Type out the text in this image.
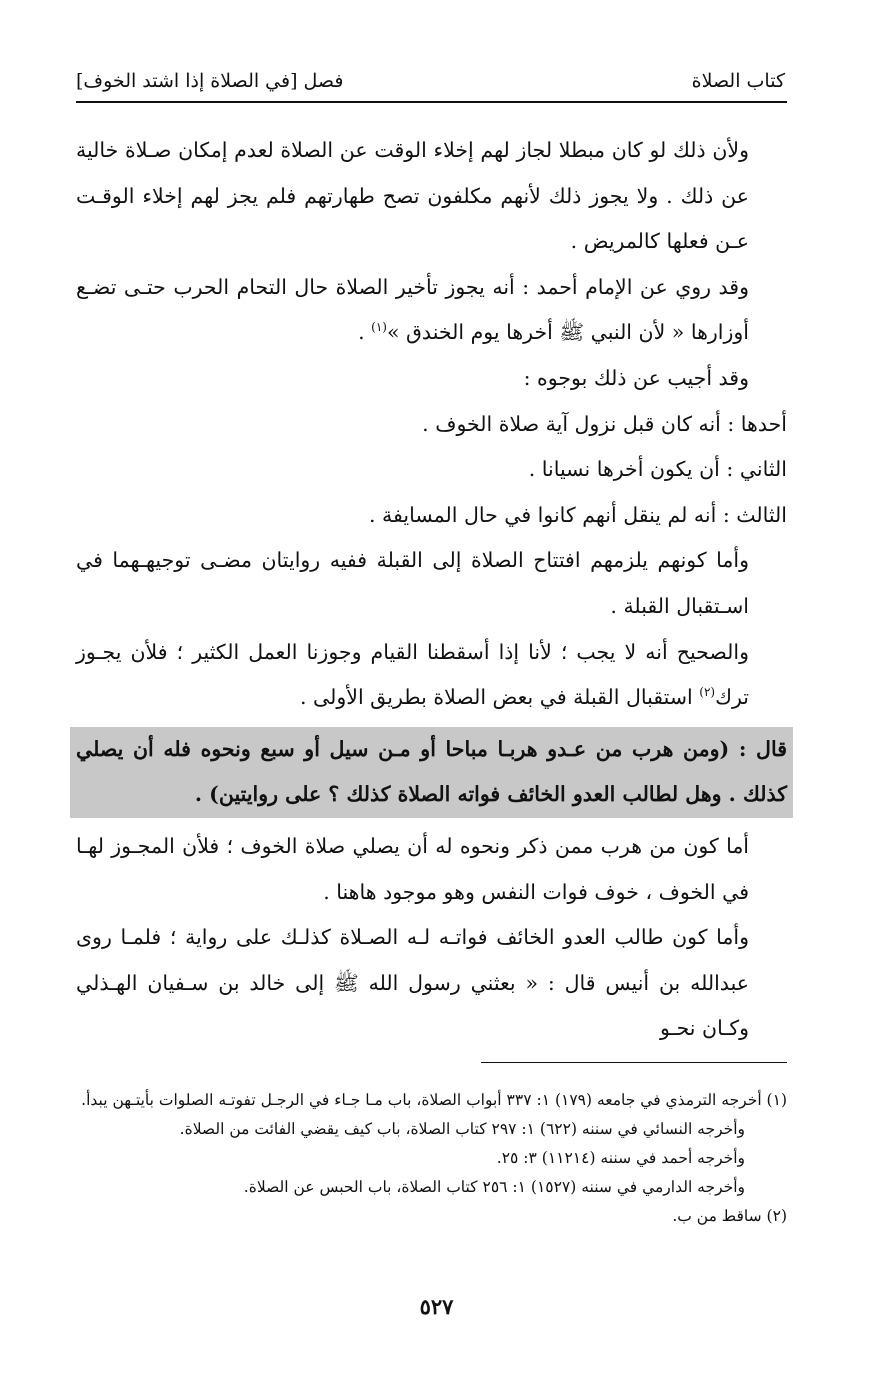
كتاب الصلاة
فصل [في الصلاة إذا اشتد الخوف]

ولأن ذلك لو كان مبطلا لجاز لهم إخلاء الوقت عن الصلاة لعدم إمكان صـلاة خالية عن ذلك . ولا يجوز ذلك لأنهم مكلفون تصح طهارتهم فلم يجز لهم إخلاء الوقـت عـن فعلها كالمريض .

وقد روي عن الإمام أحمد : أنه يجوز تأخير الصلاة حال التحام الحرب حتـى تضـع أوزارها « لأن النبي ﷺ أخرها يوم الخندق »$^{(١)}$ .

وقد أجيب عن ذلك بوجوه :

أحدها : أنه كان قبل نزول آية صلاة الخوف .

الثاني : أن يكون أخرها نسيانا .

الثالث : أنه لم ينقل أنهم كانوا في حال المسايفة .

وأما كونهم يلزمهم افتتاح الصلاة إلى القبلة ففيه روايتان مضـى توجيهـهما في اسـتقبال القبلة .

والصحيح أنه لا يجب ؛ لأنا إذا أسقطنا القيام وجوزنا العمل الكثير ؛ فلأن يجـوز ترك$^{(٢)}$ استقبال القبلة في بعض الصلاة بطريق الأولى .

قال : (ومن هرب من عـدو هربـا مباحا أو مـن سيل أو سبع ونحوه فله أن يصلي كذلك . وهل لطالب العدو الخائف فواته الصلاة كذلك ؟ على روايتين) .

أما كون من هرب ممن ذكر ونحوه له أن يصلي صلاة الخوف ؛ فلأن المجـوز لهـا في الخوف ، خوف فوات النفس وهو موجود هاهنا .

وأما كون طالب العدو الخائف فواتـه لـه الصـلاة كذلـك على رواية ؛ فلمـا روى عبدالله بن أنيس قال : « بعثني رسول الله ﷺ إلى خالد بن سـفيان الهـذلي وكـان نحـو

(١) أخرجه الترمذي في جامعه (١٧٩) ١: ٣٣٧ أبواب الصلاة، باب مـا جـاء في الرجـل تفوتـه الصلوات بأيتـهن يبدأ.

وأخرجه النسائي في سننه (٦٢٢) ١: ٢٩٧ كتاب الصلاة، باب كيف يقضي الفائت من الصلاة.

وأخرجه أحمد في سننه (١١٢١٤) ٣: ٢٥.

وأخرجه الدارمي في سننه (١٥٢٧) ١: ٢٥٦ كتاب الصلاة، باب الحبس عن الصلاة.

(٢) ساقط من ب.

٥٢٧
